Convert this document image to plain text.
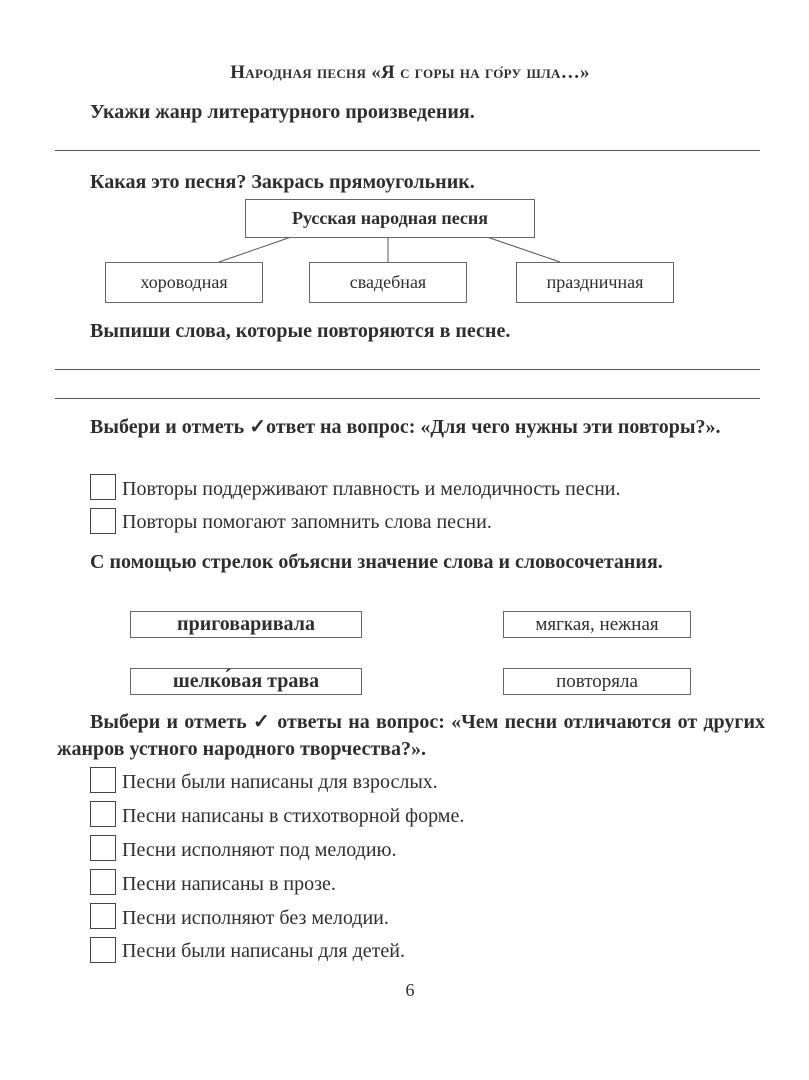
Народная песня «Я с горы на го́ру шла…»
Укажи жанр литературного произведения.
Какая это песня? Закрась прямоугольник.
Русская народная песня
хороводная	свадебная	праздничная
Выпиши слова, которые повторяются в песне.
Выбери и отметь ✓ответ на вопрос: «Для чего нужны эти повторы?».
Повторы поддерживают плавность и мелодичность песни.
Повторы помогают запомнить слова песни.
С помощью стрелок объясни значение слова и словосочетания.
приговаривала
шелко́вая трава
мягкая, нежная
повторяла
Выбери и отметь ✓ ответы на вопрос: «Чем песни отличаются от других жанров устного народного творчества?».
Песни были написаны для взрослых.
Песни написаны в стихотворной форме.
Песни исполняют под мелодию.
Песни написаны в прозе.
Песни исполняют без мелодии.
Песни были написаны для детей.
6
